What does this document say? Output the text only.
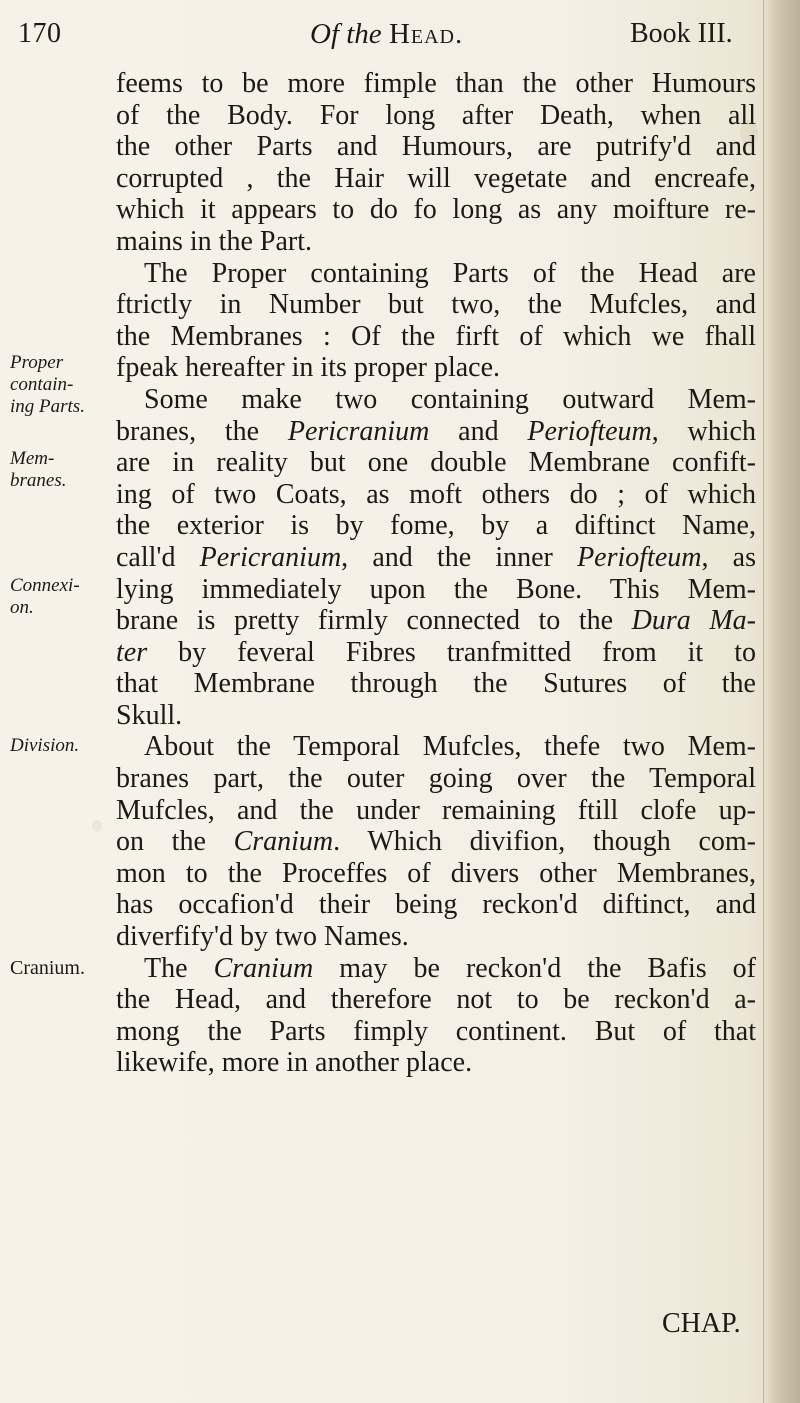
170	Of the Head.	Book III.
Proper
contain-
ing Parts.
Mem-
branes.
Connexi-
on.
Division.
Cranium.
feems to be more fimple than the other Humours
of the Body. For long after Death, when all
the other Parts and Humours, are putrify'd and
corrupted , the Hair will vegetate and encreafe,
which it appears to do fo long as any moifture re-
mains in the Part.
The Proper containing Parts of the Head are
ftrictly in Number but two, the Mufcles, and
the Membranes : Of the firft of which we fhall
fpeak hereafter in its proper place.
Some make two containing outward Mem-
branes, the Pericranium and Periofteum, which
are in reality but one double Membrane confift-
ing of two Coats, as moft others do ; of which
the exterior is by fome, by a diftinct Name,
call'd Pericranium, and the inner Periofteum, as
lying immediately upon the Bone. This Mem-
brane is pretty firmly connected to the Dura Ma-
ter by feveral Fibres tranfmitted from it to
that Membrane through the Sutures of the
Skull.
About the Temporal Mufcles, thefe two Mem-
branes part, the outer going over the Temporal
Mufcles, and the under remaining ftill clofe up-
on the Cranium. Which divifion, though com-
mon to the Proceffes of divers other Membranes,
has occafion'd their being reckon'd diftinct, and
diverfify'd by two Names.
The Cranium may be reckon'd the Bafis of
the Head, and therefore not to be reckon'd a-
mong the Parts fimply continent. But of that
likewife, more in another place.
CHAP.
